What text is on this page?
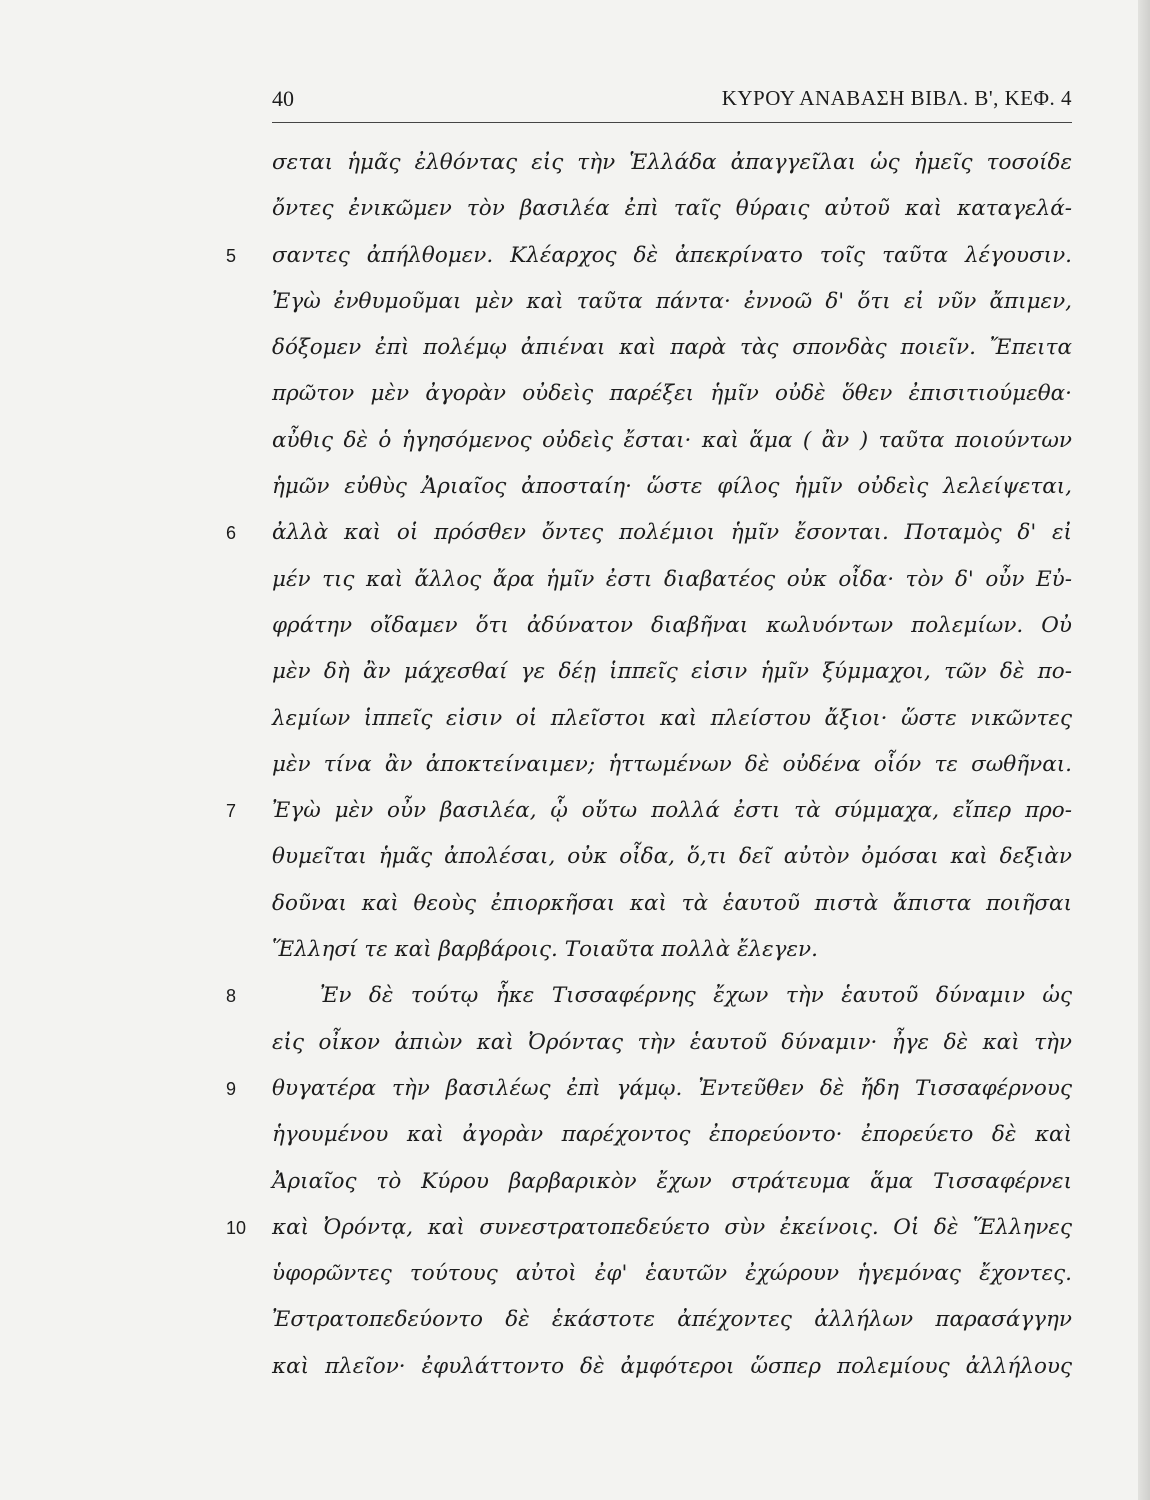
40	ΚΥΡΟΥ ΑΝΑΒΑΣΗ ΒΙΒΛ. Β', ΚΕΦ. 4
σεται ἡμᾶς ἐλθόντας εἰς τὴν Ἑλλάδα ἀπαγγεῖλαι ὡς ἡμεῖς τοσοίδε
ὄντες ἐνικῶμεν τὸν βασιλέα ἐπὶ ταῖς θύραις αὐτοῦ καὶ καταγελά-
5	σαντες ἀπήλθομεν. Κλέαρχος δὲ ἀπεκρίνατο τοῖς ταῦτα λέγουσιν.
Ἐγὼ ἐνθυμοῦμαι μὲν καὶ ταῦτα πάντα· ἐννοῶ δ' ὅτι εἰ νῦν ἄπιμεν,
δόξομεν ἐπὶ πολέμῳ ἀπιέναι καὶ παρὰ τὰς σπονδὰς ποιεῖν. Ἔπειτα
πρῶτον μὲν ἀγορὰν οὐδεὶς παρέξει ἡμῖν οὐδὲ ὅθεν ἐπισιτιούμεθα·
αὖθις δὲ ὁ ἡγησόμενος οὐδεὶς ἔσται· καὶ ἅμα ( ἂν ) ταῦτα ποιούντων
ἡμῶν εὐθὺς Ἀριαῖος ἀποσταίη· ὥστε φίλος ἡμῖν οὐδεὶς λελείψεται,
6	ἀλλὰ καὶ οἱ πρόσθεν ὄντες πολέμιοι ἡμῖν ἔσονται. Ποταμὸς δ' εἰ
μέν τις καὶ ἄλλος ἄρα ἡμῖν ἐστι διαβατέος οὐκ οἶδα· τὸν δ' οὖν Εὐ-
φράτην οἴδαμεν ὅτι ἀδύνατον διαβῆναι κωλυόντων πολεμίων. Οὐ
μὲν δὴ ἂν μάχεσθαί γε δέῃ ἱππεῖς εἰσιν ἡμῖν ξύμμαχοι, τῶν δὲ πο-
λεμίων ἱππεῖς εἰσιν οἱ πλεῖστοι καὶ πλείστου ἄξιοι· ὥστε νικῶντες
μὲν τίνα ἂν ἀποκτείναιμεν; ἡττωμένων δὲ οὐδένα οἷόν τε σωθῆναι.
7	Ἐγὼ μὲν οὖν βασιλέα, ᾧ οὕτω πολλά ἐστι τὰ σύμμαχα, εἴπερ προ-
θυμεῖται ἡμᾶς ἀπολέσαι, οὐκ οἶδα, ὅ,τι δεῖ αὐτὸν ὀμόσαι καὶ δεξιὰν
δοῦναι καὶ θεοὺς ἐπιορκῆσαι καὶ τὰ ἑαυτοῦ πιστὰ ἄπιστα ποιῆσαι
Ἕλλησί τε καὶ βαρβάροις. Τοιαῦτα πολλὰ ἔλεγεν.
8	Ἐν δὲ τούτῳ ἧκε Τισσαφέρνης ἔχων τὴν ἑαυτοῦ δύναμιν ὡς
εἰς οἶκον ἀπιὼν καὶ Ὀρόντας τὴν ἑαυτοῦ δύναμιν· ἦγε δὲ καὶ τὴν
9	θυγατέρα τὴν βασιλέως ἐπὶ γάμῳ. Ἐντεῦθεν δὲ ἤδη Τισσαφέρνους
ἡγουμένου καὶ ἀγορὰν παρέχοντος ἐπορεύοντο· ἐπορεύετο δὲ καὶ
Ἀριαῖος τὸ Κύρου βαρβαρικὸν ἔχων στράτευμα ἅμα Τισσαφέρνει
10	καὶ Ὀρόντᾳ, καὶ συνεστρατοπεδεύετο σὺν ἐκείνοις. Οἱ δὲ Ἕλληνες
ὑφορῶντες τούτους αὐτοὶ ἐφ' ἑαυτῶν ἐχώρουν ἡγεμόνας ἔχοντες.
Ἐστρατοπεδεύοντο δὲ ἑκάστοτε ἀπέχοντες ἀλλήλων παρασάγγην
καὶ πλεῖον· ἐφυλάττοντο δὲ ἀμφότεροι ὥσπερ πολεμίους ἀλλήλους
